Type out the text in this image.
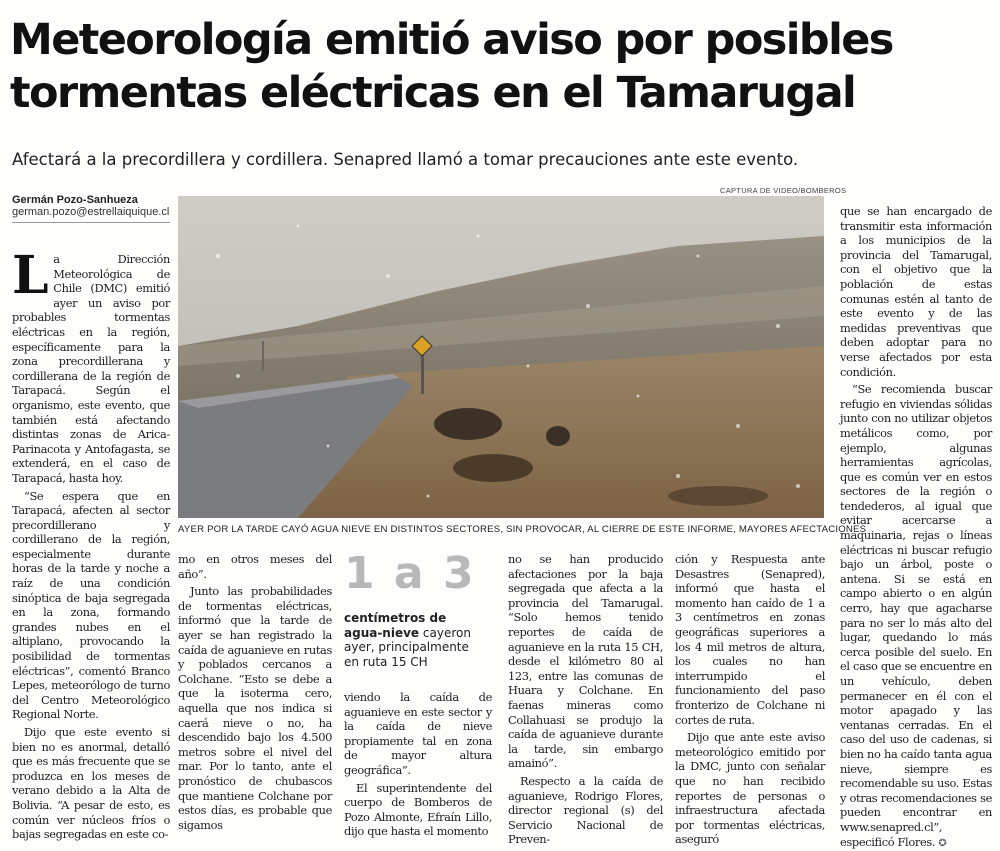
Meteorología emitió aviso por posibles tormentas eléctricas en el Tamarugal
Afectará a la precordillera y cordillera. Senapred llamó a tomar precauciones ante este evento.
Germán Pozo-Sanhueza
german.pozo@estrellaiquique.cl
CAPTURA DE VIDEO/BOMBEROS
AYER POR LA TARDE CAYÓ AGUA NIEVE EN DISTINTOS SECTORES, SIN PROVOCAR, AL CIERRE DE ESTE INFORME, MAYORES AFECTACIONES

La Dirección Meteorológica de Chile (DMC) emitió ayer un aviso por probables tormentas eléctricas en la región, específicamente para la zona precordillerana y cordillerana de la región de Tarapacá. Según el organismo, este evento, que también está afectando distintas zonas de Arica-Parinacota y Antofagasta, se extenderá, en el caso de Tarapacá, hasta hoy.

“Se espera que en Tarapacá, afecten al sector precordillerano y cordillerano de la región, especialmente durante horas de la tarde y noche a raíz de una condición sinóptica de baja segregada en la zona, formando grandes nubes en el altiplano, provocando la posibilidad de tormentas eléctricas”, comentó Branco Lepes, meteorólogo de turno del Centro Meteorológico Regional Norte.

Dijo que este evento si bien no es anormal, detalló que es más frecuente que se produzca en los meses de verano debido a la Alta de Bolivia. “A pesar de esto, es común ver núcleos fríos o bajas segregadas en este co-

mo en otros meses del año”.

Junto las probabilidades de tormentas eléctricas, informó que la tarde de ayer se han registrado la caída de aguanieve en rutas y poblados cercanos a Colchane. “Esto se debe a que la isoterma cero, aquella que nos indica si caerá nieve o no, ha descendido bajo los 4.500 metros sobre el nivel del mar. Por lo tanto, ante el pronóstico de chubascos que mantiene Colchane por estos días, es probable que sigamos

1 a 3
centímetros de agua-nieve cayeron ayer, principalmente en ruta 15 CH

viendo la caída de aguanieve en este sector y la caída de nieve propiamente tal en zona de mayor altura geográfica”.

El superintendente del cuerpo de Bomberos de Pozo Almonte, Efraín Lillo, dijo que hasta el momento

no se han producido afectaciones por la baja segregada que afecta a la provincia del Tamarugal. “Solo hemos tenido reportes de caída de aguanieve en la ruta 15 CH, desde el kilómetro 80 al 123, entre las comunas de Huara y Colchane. En faenas mineras como Collahuasi se produjo la caída de aguanieve durante la tarde, sin embargo amainó”.

Respecto a la caída de aguanieve, Rodrigo Flores, director regional (s) del Servicio Nacional de Preven-

ción y Respuesta ante Desastres (Senapred), informó que hasta el momento han caído de 1 a 3 centímetros en zonas geográficas superiores a los 4 mil metros de altura, los cuales no han interrumpido el funcionamiento del paso fronterizo de Colchane ni cortes de ruta.

Dijo que ante este aviso meteorológico emitido por la DMC, junto con señalar que no han recibido reportes de personas o infraestructura afectada por tormentas eléctricas, aseguró

que se han encargado de transmitir esta información a los municipios de la provincia del Tamarugal, con el objetivo que la población de estas comunas estén al tanto de este evento y de las medidas preventivas que deben adoptar para no verse afectados por esta condición.

“Se recomienda buscar refugio en viviendas sólidas junto con no utilizar objetos metálicos como, por ejemplo, algunas herramientas agrícolas, que es común ver en estos sectores de la región o tendederos, al igual que evitar acercarse a maquinaria, rejas o líneas eléctricas ni buscar refugio bajo un árbol, poste o antena. Si se está en campo abierto o en algún cerro, hay que agacharse para no ser lo más alto del lugar, quedando lo más cerca posible del suelo. En el caso que se encuentre en un vehículo, deben permanecer en él con el motor apagado y las ventanas cerradas. En el caso del uso de cadenas, si bien no ha caído tanta agua nieve, siempre es recomendable su uso. Estas y otras recomendaciones se pueden encontrar en www.senapred.cl”, especificó Flores. ✪
